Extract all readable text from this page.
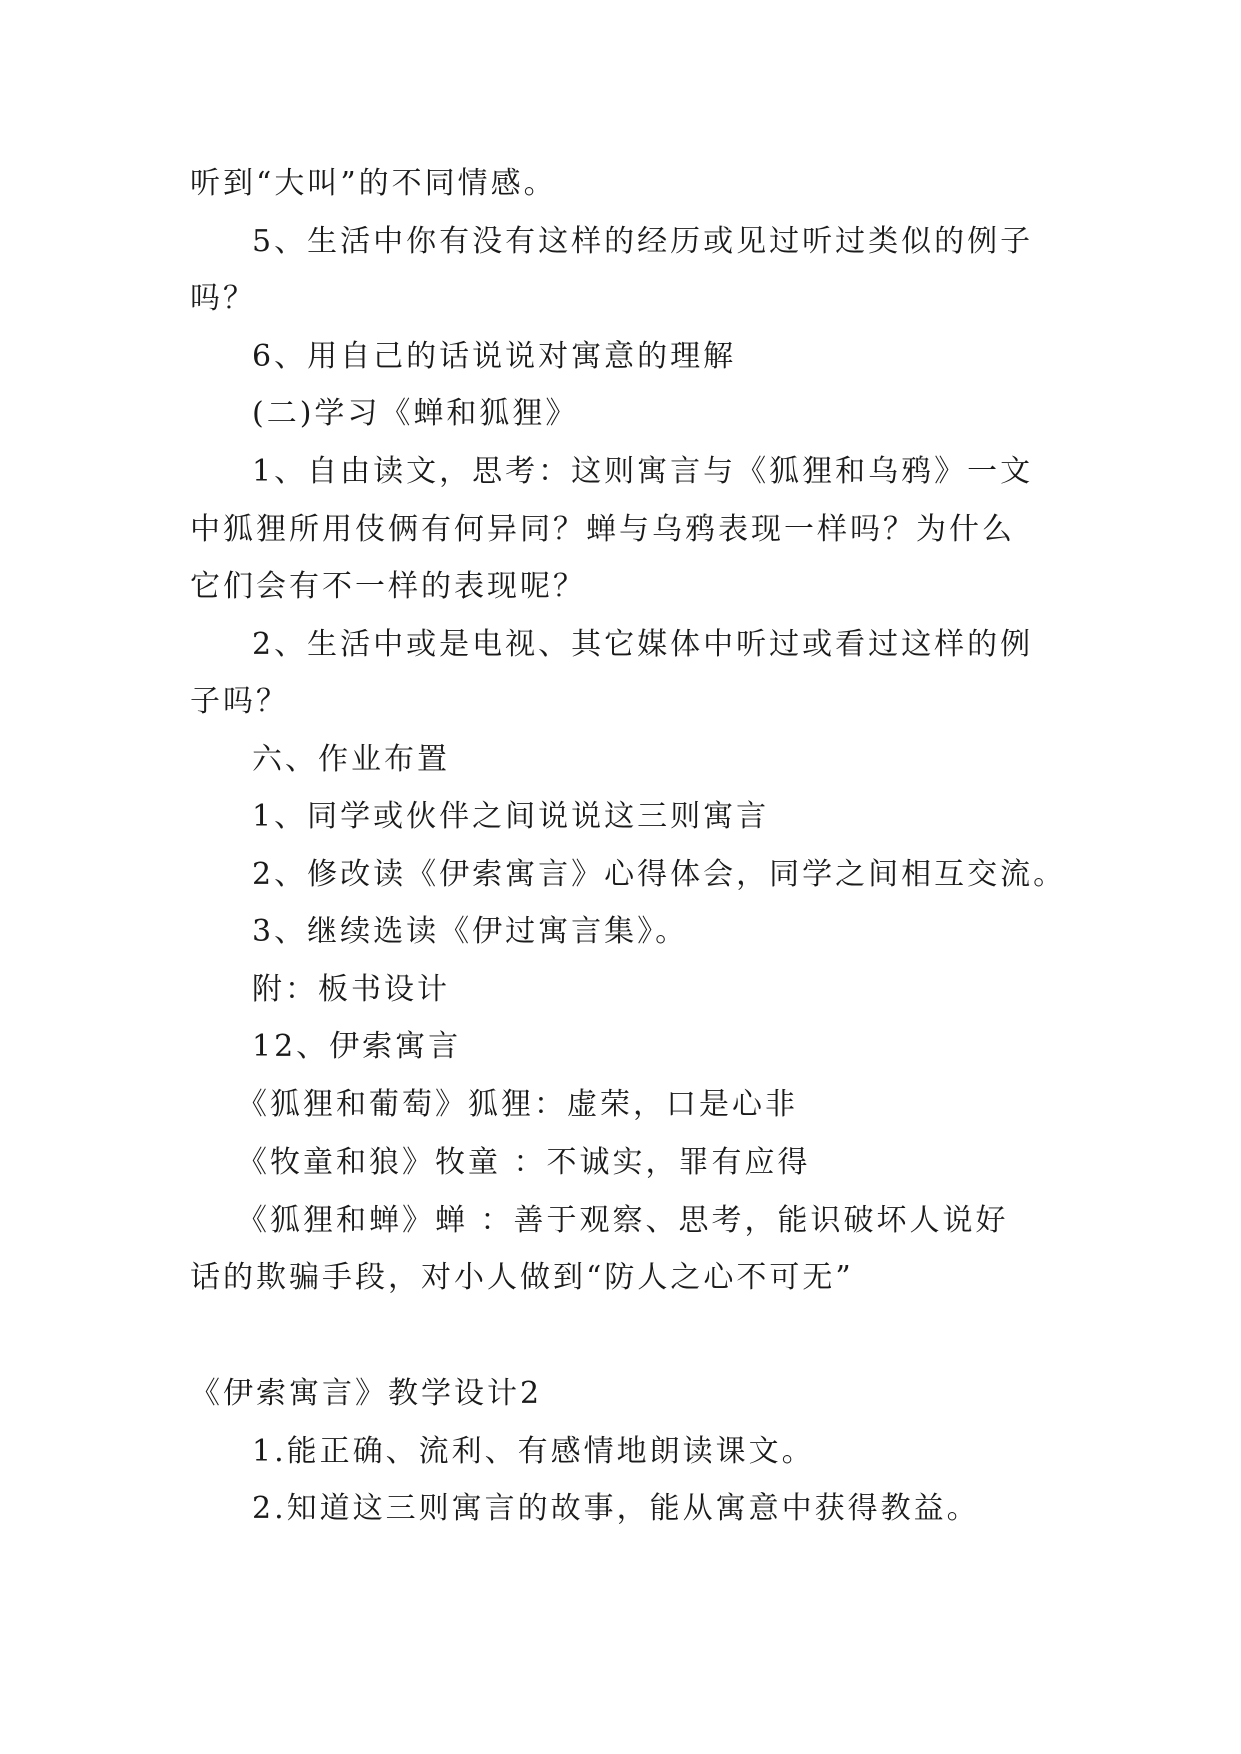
听到“大叫”的不同情感。
5、生活中你有没有这样的经历或见过听过类似的例子
吗？
6、用自己的话说说对寓意的理解
(二)学习《蝉和狐狸》
1、自由读文，思考：这则寓言与《狐狸和乌鸦》一文
中狐狸所用伎俩有何异同？蝉与乌鸦表现一样吗？为什么
它们会有不一样的表现呢？
2、生活中或是电视、其它媒体中听过或看过这样的例
子吗？
六、作业布置
1、同学或伙伴之间说说这三则寓言
2、修改读《伊索寓言》心得体会，同学之间相互交流。
3、继续选读《伊过寓言集》。
附：板书设计
12、伊索寓言
《狐狸和葡萄》狐狸：虚荣，口是心非
《牧童和狼》牧童 ：不诚实，罪有应得
《狐狸和蝉》蝉 ：善于观察、思考，能识破坏人说好
话的欺骗手段，对小人做到“防人之心不可无”
《伊索寓言》教学设计2
1.能正确、流利、有感情地朗读课文。
2.知道这三则寓言的故事，能从寓意中获得教益。
